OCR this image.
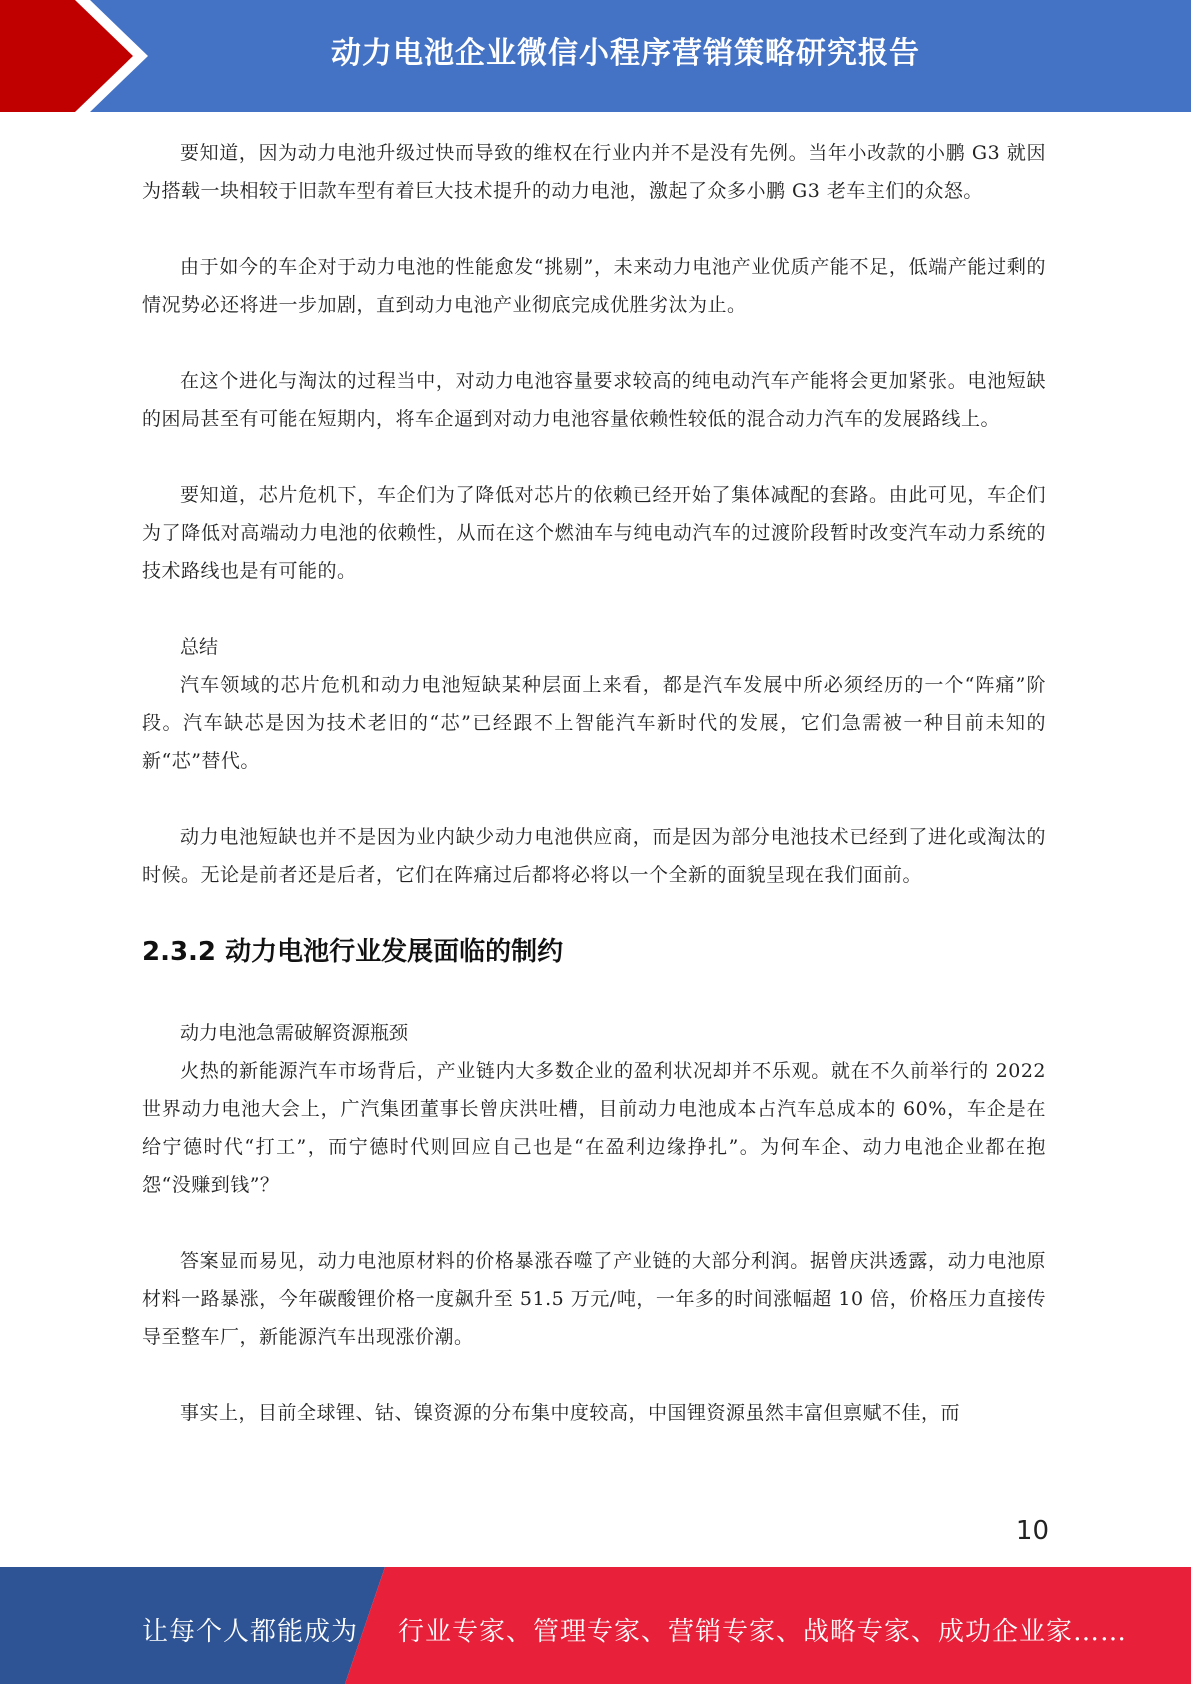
动力电池企业微信小程序营销策略研究报告

要知道，因为动力电池升级过快而导致的维权在行业内并不是没有先例。当年小改款的小鹏 G3 就因为搭载一块相较于旧款车型有着巨大技术提升的动力电池，激起了众多小鹏 G3 老车主们的众怒。

由于如今的车企对于动力电池的性能愈发“挑剔”，未来动力电池产业优质产能不足，低端产能过剩的情况势必还将进一步加剧，直到动力电池产业彻底完成优胜劣汰为止。

在这个进化与淘汰的过程当中，对动力电池容量要求较高的纯电动汽车产能将会更加紧张。电池短缺的困局甚至有可能在短期内，将车企逼到对动力电池容量依赖性较低的混合动力汽车的发展路线上。

要知道，芯片危机下，车企们为了降低对芯片的依赖已经开始了集体减配的套路。由此可见，车企们为了降低对高端动力电池的依赖性，从而在这个燃油车与纯电动汽车的过渡阶段暂时改变汽车动力系统的技术路线也是有可能的。

总结

汽车领域的芯片危机和动力电池短缺某种层面上来看，都是汽车发展中所必须经历的一个“阵痛”阶段。汽车缺芯是因为技术老旧的“芯”已经跟不上智能汽车新时代的发展，它们急需被一种目前未知的新“芯”替代。

动力电池短缺也并不是因为业内缺少动力电池供应商，而是因为部分电池技术已经到了进化或淘汰的时候。无论是前者还是后者，它们在阵痛过后都将必将以一个全新的面貌呈现在我们面前。

2.3.2 动力电池行业发展面临的制约

动力电池急需破解资源瓶颈

火热的新能源汽车市场背后，产业链内大多数企业的盈利状况却并不乐观。就在不久前举行的 2022 世界动力电池大会上，广汽集团董事长曾庆洪吐槽，目前动力电池成本占汽车总成本的 60%，车企是在给宁德时代“打工”，而宁德时代则回应自己也是“在盈利边缘挣扎”。为何车企、动力电池企业都在抱怨“没赚到钱”？

答案显而易见，动力电池原材料的价格暴涨吞噬了产业链的大部分利润。据曾庆洪透露，动力电池原材料一路暴涨，今年碳酸锂价格一度飙升至 51.5 万元/吨，一年多的时间涨幅超 10 倍，价格压力直接传导至整车厂，新能源汽车出现涨价潮。

事实上，目前全球锂、钴、镍资源的分布集中度较高，中国锂资源虽然丰富但禀赋不佳，而

10
让每个人都能成为 行业专家、管理专家、营销专家、战略专家、成功企业家……
